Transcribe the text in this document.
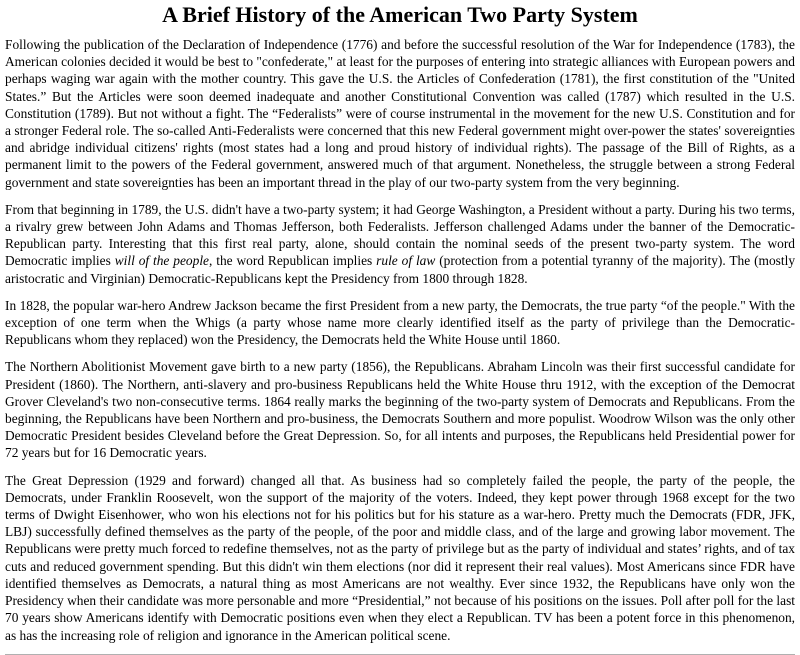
A Brief History of the American Two Party System

Following the publication of the Declaration of Independence (1776) and before the successful resolution of the War for Independence (1783), the American colonies decided it would be best to "confederate," at least for the purposes of entering into strategic alliances with European powers and perhaps waging war again with the mother country. This gave the U.S. the Articles of Confederation (1781), the first constitution of the "United States.” But the Articles were soon deemed inadequate and another Constitutional Convention was called (1787) which resulted in the U.S. Constitution (1789). But not without a fight. The “Federalists” were of course instrumental in the movement for the new U.S. Constitution and for a stronger Federal role. The so-called Anti-Federalists were concerned that this new Federal government might over-power the states' sovereignties and abridge individual citizens' rights (most states had a long and proud history of individual rights). The passage of the Bill of Rights, as a permanent limit to the powers of the Federal government, answered much of that argument. Nonetheless, the struggle between a strong Federal government and state sovereignties has been an important thread in the play of our two-party system from the very beginning.

From that beginning in 1789, the U.S. didn't have a two-party system; it had George Washington, a President without a party. During his two terms, a rivalry grew between John Adams and Thomas Jefferson, both Federalists. Jefferson challenged Adams under the banner of the Democratic-Republican party. Interesting that this first real party, alone, should contain the nominal seeds of the present two-party system. The word Democratic implies will of the people, the word Republican implies rule of law (protection from a potential tyranny of the majority). The (mostly aristocratic and Virginian) Democratic-Republicans kept the Presidency from 1800 through 1828.

In 1828, the popular war-hero Andrew Jackson became the first President from a new party, the Democrats, the true party “of the people." With the exception of one term when the Whigs (a party whose name more clearly identified itself as the party of privilege than the Democratic-Republicans whom they replaced) won the Presidency, the Democrats held the White House until 1860.

The Northern Abolitionist Movement gave birth to a new party (1856), the Republicans. Abraham Lincoln was their first successful candidate for President (1860). The Northern, anti-slavery and pro-business Republicans held the White House thru 1912, with the exception of the Democrat Grover Cleveland's two non-consecutive terms. 1864 really marks the beginning of the two-party system of Democrats and Republicans. From the beginning, the Republicans have been Northern and pro-business, the Democrats Southern and more populist. Woodrow Wilson was the only other Democratic President besides Cleveland before the Great Depression. So, for all intents and purposes, the Republicans held Presidential power for 72 years but for 16 Democratic years.

The Great Depression (1929 and forward) changed all that. As business had so completely failed the people, the party of the people, the Democrats, under Franklin Roosevelt, won the support of the majority of the voters. Indeed, they kept power through 1968 except for the two terms of Dwight Eisenhower, who won his elections not for his politics but for his stature as a war-hero. Pretty much the Democrats (FDR, JFK, LBJ) successfully defined themselves as the party of the people, of the poor and middle class, and of the large and growing labor movement. The Republicans were pretty much forced to redefine themselves, not as the party of privilege but as the party of individual and states’ rights, and of tax cuts and reduced government spending. But this didn't win them elections (nor did it represent their real values). Most Americans since FDR have identified themselves as Democrats, a natural thing as most Americans are not wealthy. Ever since 1932, the Republicans have only won the Presidency when their candidate was more personable and more “Presidential,” not because of his positions on the issues. Poll after poll for the last 70 years show Americans identify with Democratic positions even when they elect a Republican. TV has been a potent force in this phenomenon, as has the increasing role of religion and ignorance in the American political scene.
